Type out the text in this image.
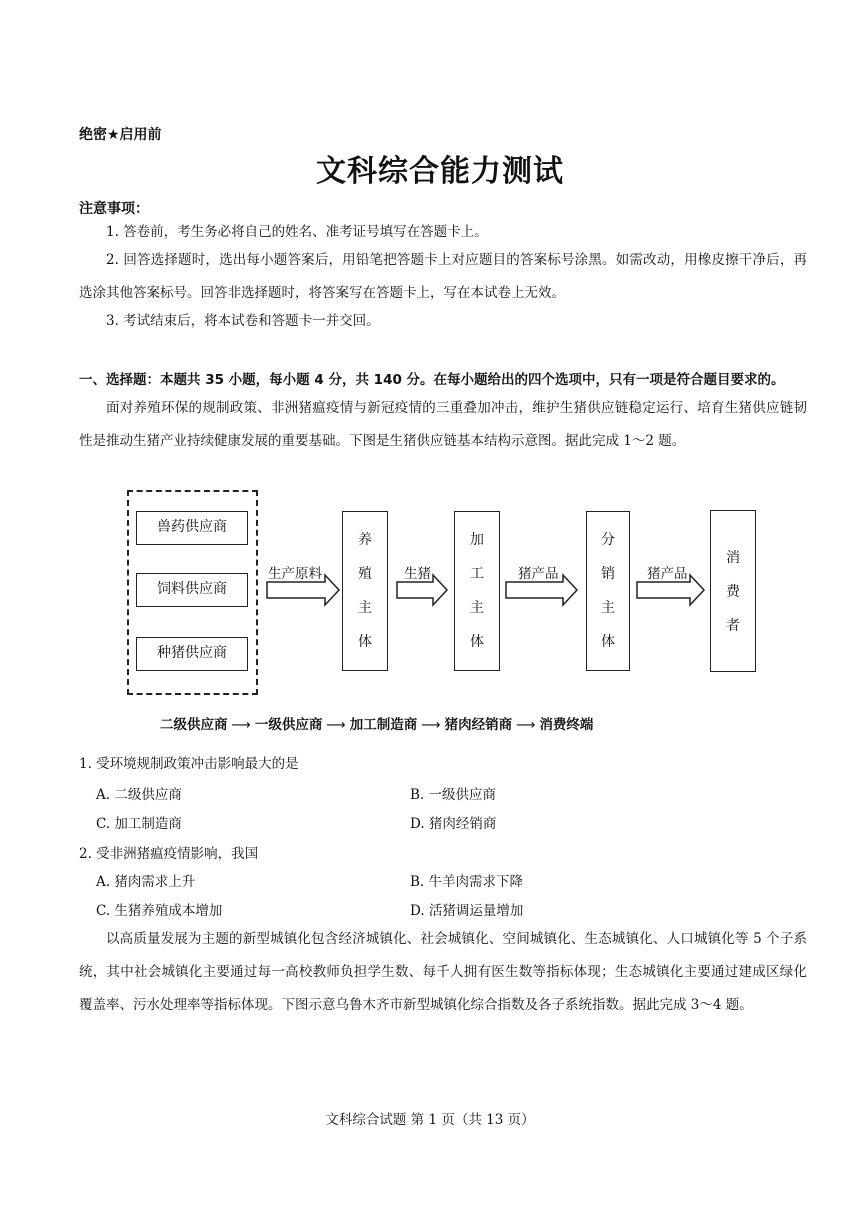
绝密★启用前
文科综合能力测试
注意事项：
1. 答卷前，考生务必将自己的姓名、准考证号填写在答题卡上。
2. 回答选择题时，选出每小题答案后，用铅笔把答题卡上对应题目的答案标号涂黑。如需改动，用橡皮擦干净后，再选涂其他答案标号。回答非选择题时，将答案写在答题卡上，写在本试卷上无效。
3. 考试结束后，将本试卷和答题卡一并交回。
一、选择题：本题共 35 小题，每小题 4 分，共 140 分。在每小题给出的四个选项中，只有一项是符合题目要求的。
面对养殖环保的规制政策、非洲猪瘟疫情与新冠疫情的三重叠加冲击，维护生猪供应链稳定运行、培育生猪供应链韧性是推动生猪产业持续健康发展的重要基础。下图是生猪供应链基本结构示意图。据此完成 1～2 题。
兽药供应商
饲料供应商
种猪供应商
生产原料	生猪	猪产品	猪产品
养
殖
主
体
加
工
主
体
分
销
主
体
消
费
者
二级供应商 ⟶ 一级供应商 ⟶ 加工制造商 ⟶ 猪肉经销商 ⟶ 消费终端
1. 受环境规制政策冲击影响最大的是
A. 二级供应商	B. 一级供应商
C. 加工制造商	D. 猪肉经销商
2. 受非洲猪瘟疫情影响，我国
A. 猪肉需求上升	B. 牛羊肉需求下降
C. 生猪养殖成本增加	D. 活猪调运量增加
以高质量发展为主题的新型城镇化包含经济城镇化、社会城镇化、空间城镇化、生态城镇化、人口城镇化等 5 个子系统，其中社会城镇化主要通过每一高校教师负担学生数、每千人拥有医生数等指标体现；生态城镇化主要通过建成区绿化覆盖率、污水处理率等指标体现。下图示意乌鲁木齐市新型城镇化综合指数及各子系统指数。据此完成 3～4 题。
文科综合试题 第 1 页（共 13 页）
